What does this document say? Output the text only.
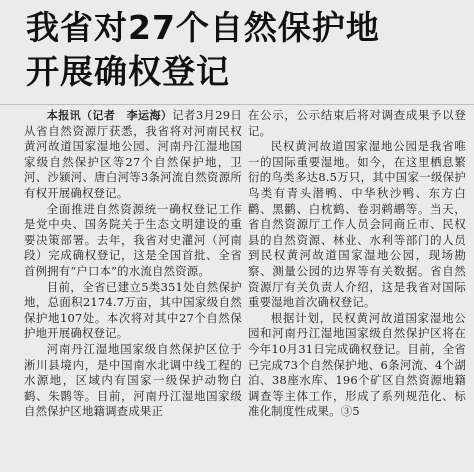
我省对27个自然保护地
开展确权登记

本报讯（记者　李运海）记者3月29日从省自然资源厅获悉，我省将对河南民权黄河故道国家湿地公园、河南丹江湿地国家级自然保护区等27个自然保护地，卫河、沙颍河、唐白河等3条河流自然资源所有权开展确权登记。

全面推进自然资源统一确权登记工作是党中央、国务院关于生态文明建设的重要决策部署。去年，我省对史灌河（河南段）完成确权登记，这是全国首批、全省首例拥有“户口本”的水流自然资源。

目前，全省已建立5类351处自然保护地，总面积2174.7万亩，其中国家级自然保护地107处。本次将对其中27个自然保护地开展确权登记。

河南丹江湿地国家级自然保护区位于淅川县境内，是中国南水北调中线工程的水源地，区域内有国家一级保护动物白鹤、朱鹮等。目前，河南丹江湿地国家级自然保护区地籍调查成果正

在公示，公示结束后将对调查成果予以登记。

民权黄河故道国家湿地公园是我省唯一的国际重要湿地。如今，在这里栖息繁衍的鸟类多达8.5万只，其中国家一级保护鸟类有青头潜鸭、中华秋沙鸭、东方白鹳、黑鹳、白枕鹤、卷羽鹈鹕等。当天，省自然资源厅工作人员会同商丘市、民权县的自然资源、林业、水利等部门的人员到民权黄河故道国家湿地公园，现场勘察、测量公园的边界等有关数据。省自然资源厅有关负责人介绍，这是我省对国际重要湿地首次确权登记。

根据计划，民权黄河故道国家湿地公园和河南丹江湿地国家级自然保护区将在今年10月31日完成确权登记。目前，全省已完成73个自然保护地、6条河流、4个湖泊、38座水库、196个矿区自然资源地籍调查等主体工作，形成了系列规范化、标准化制度性成果。③5
